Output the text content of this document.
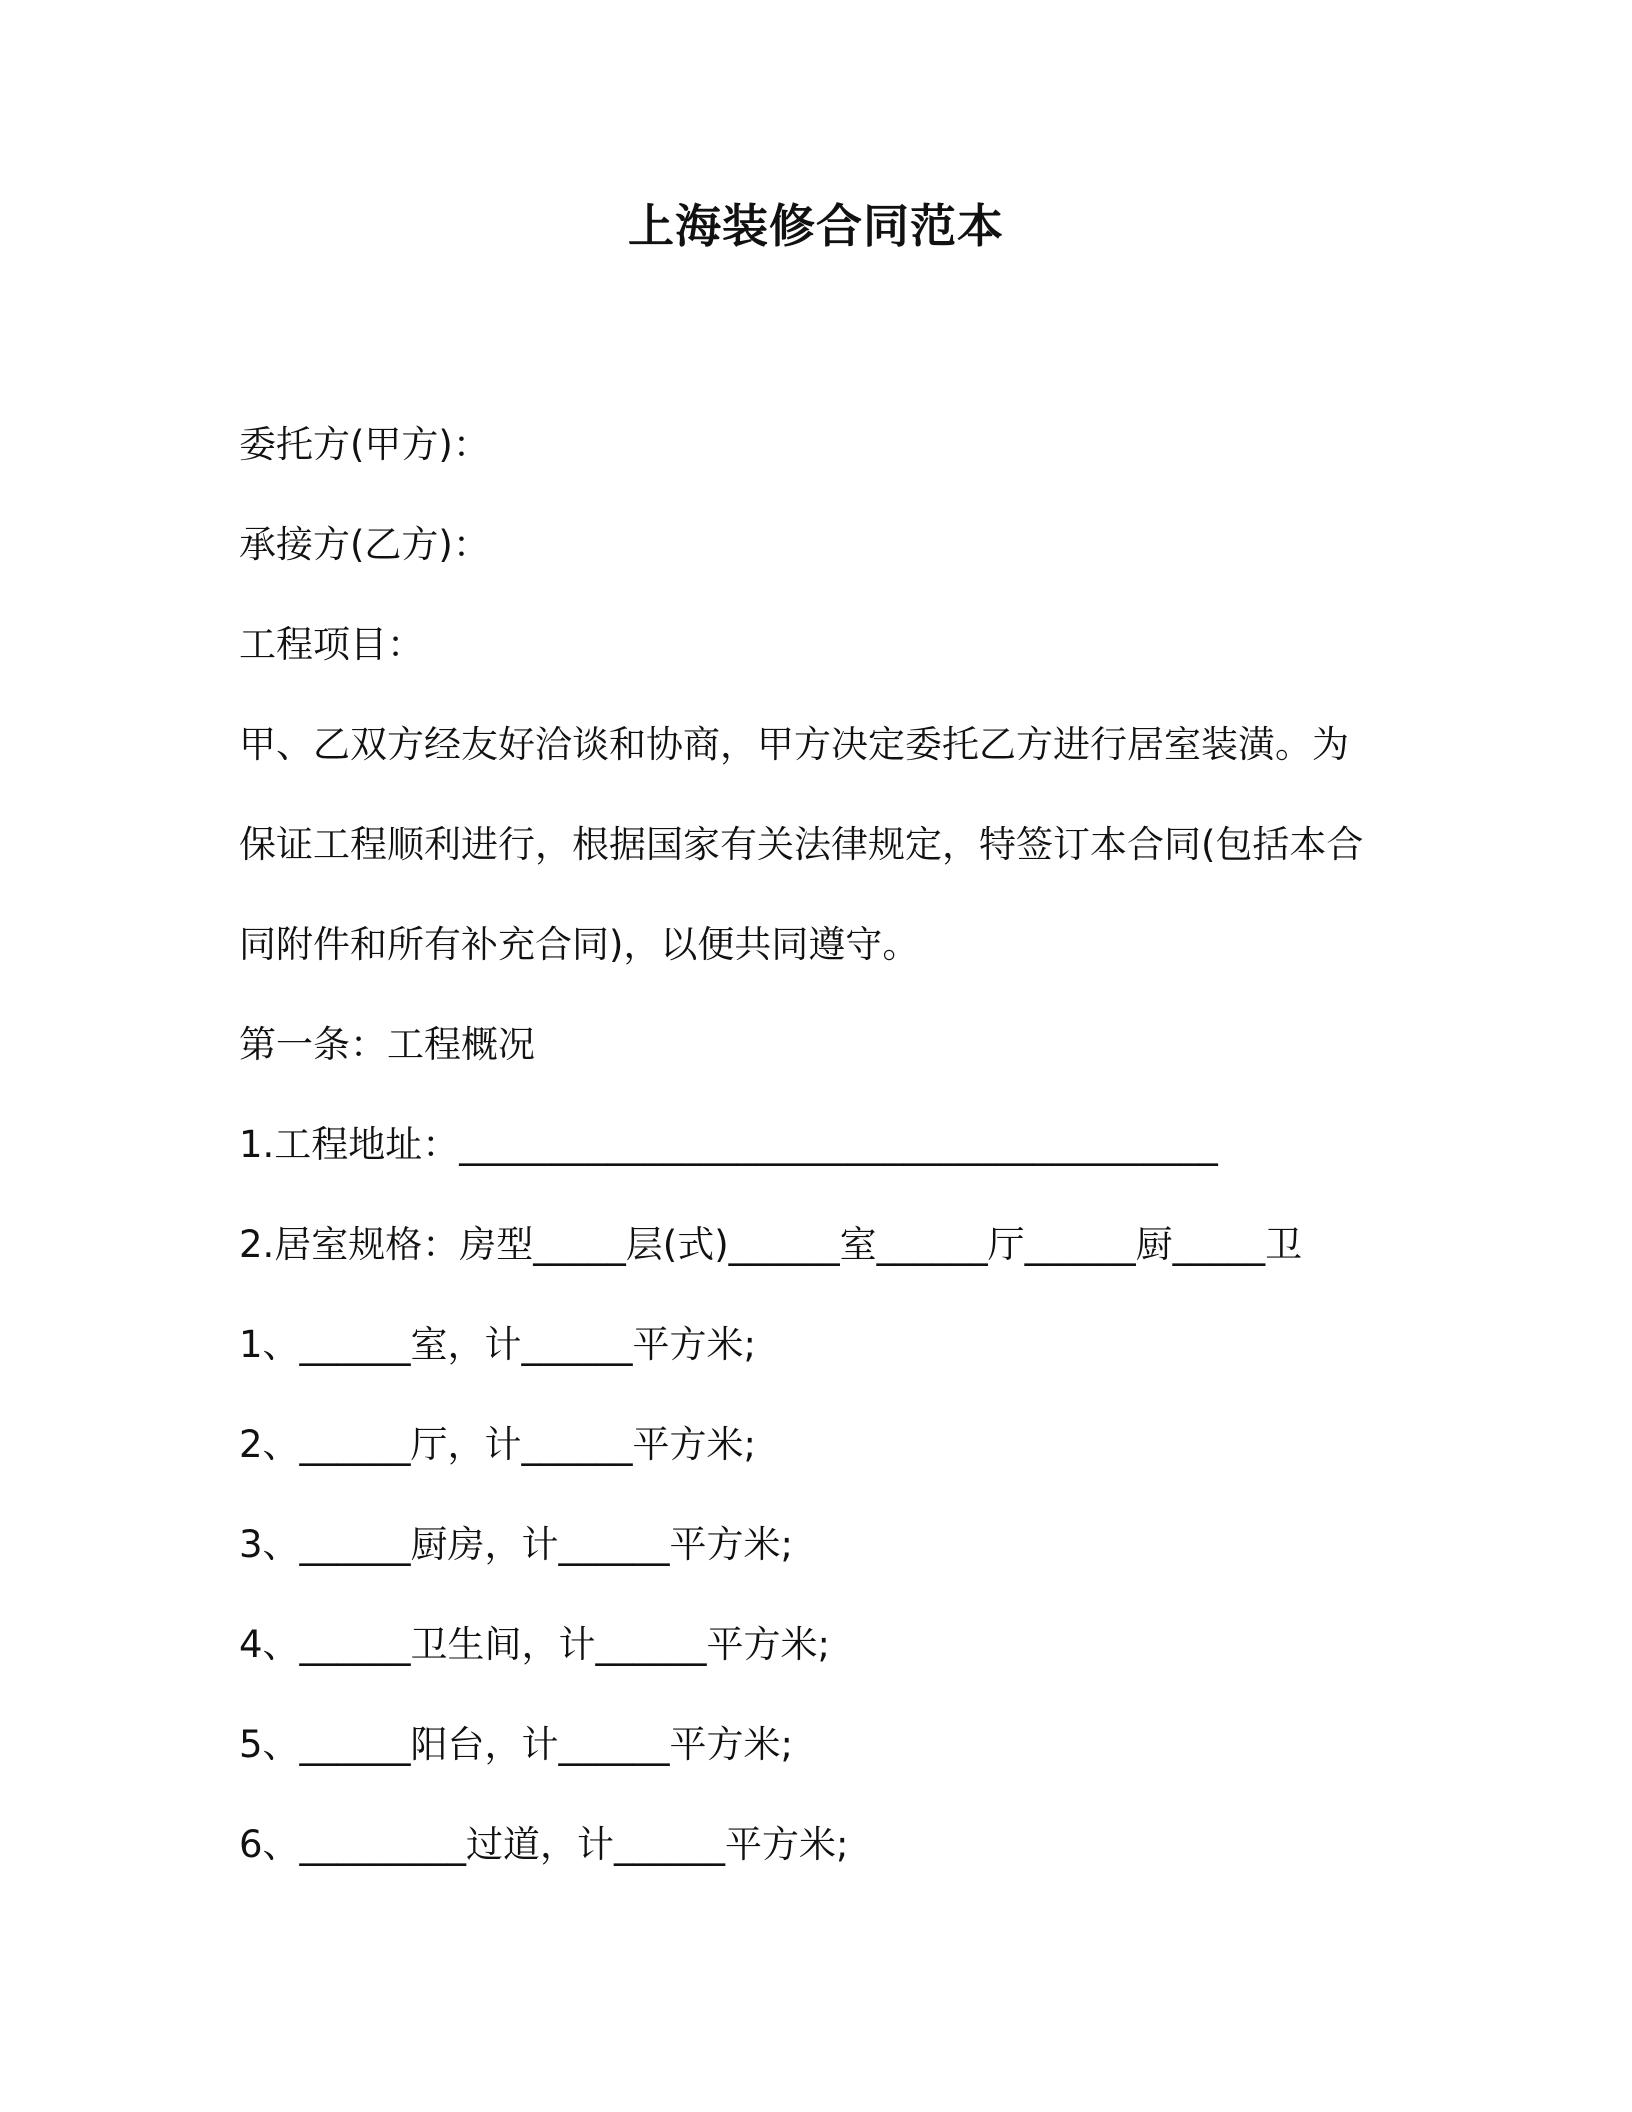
上海装修合同范本
委托方(甲方)：
承接方(乙方)：
工程项目：
甲、乙双方经友好洽谈和协商，甲方决定委托乙方进行居室装潢。为
保证工程顺利进行，根据国家有关法律规定，特签订本合同(包括本合
同附件和所有补充合同)，以便共同遵守。
第一条：工程概况
1.工程地址：_________________________________________
2.居室规格：房型_____层(式)______室______厅______厨_____卫
1、______室，计______平方米;
2、______厅，计______平方米;
3、______厨房，计______平方米;
4、______卫生间，计______平方米;
5、______阳台，计______平方米;
6、_________过道，计______平方米;
